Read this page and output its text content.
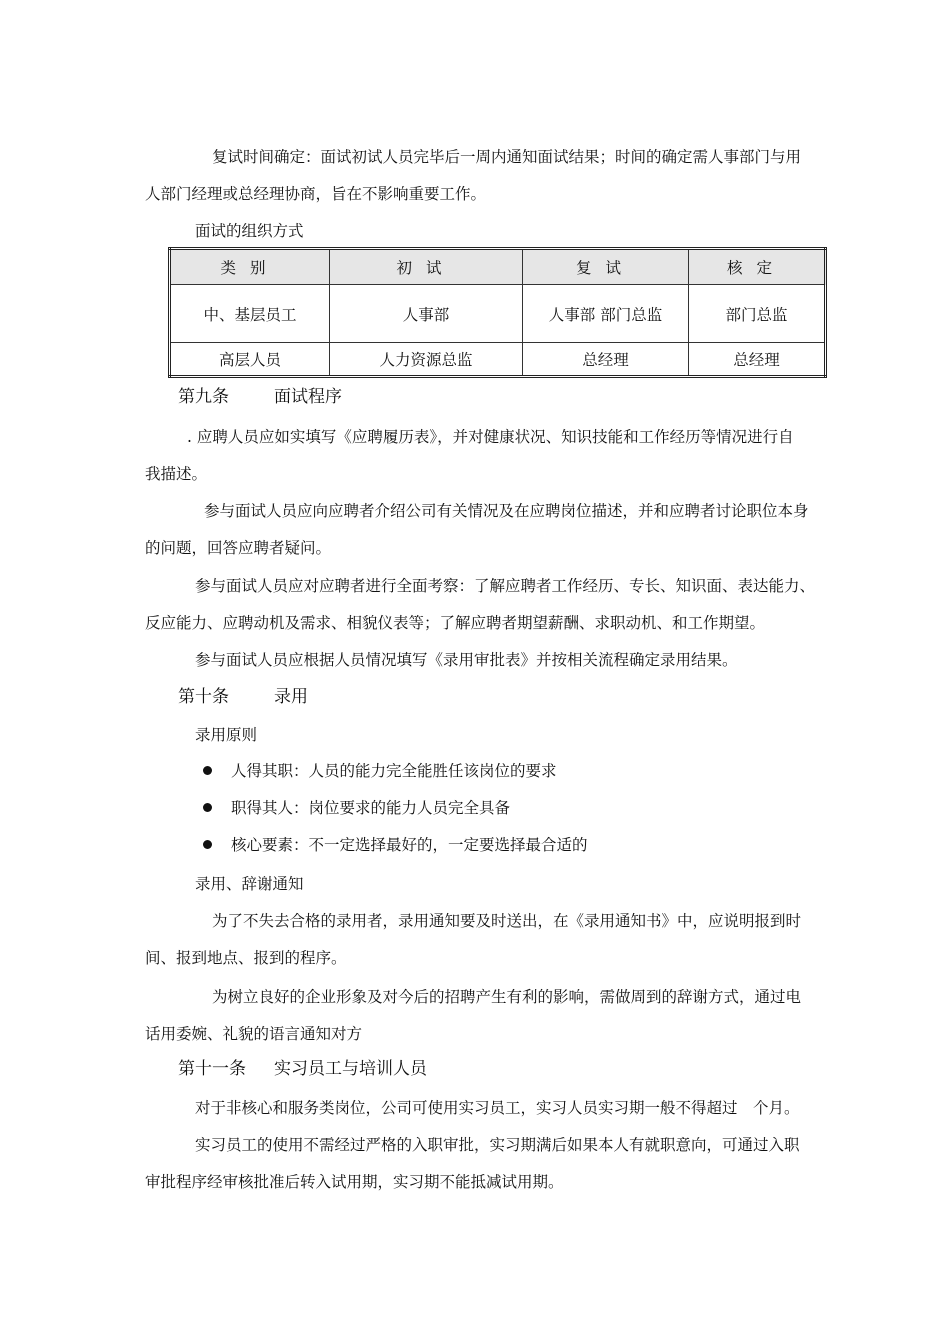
复试时间确定：面试初试人员完毕后一周内通知面试结果；时间的确定需人事部门与用
人部门经理或总经理协商，旨在不影响重要工作。
面试的组织方式
类别	初试	复试	核定
中、基层员工	人事部	人事部 部门总监	部门总监
高层人员	人力资源总监	总经理	总经理
第九条	面试程序
. 应聘人员应如实填写《应聘履历表》，并对健康状况、知识技能和工作经历等情况进行自
我描述。
参与面试人员应向应聘者介绍公司有关情况及在应聘岗位描述，并和应聘者讨论职位本身
的问题，回答应聘者疑问。
参与面试人员应对应聘者进行全面考察：了解应聘者工作经历、专长、知识面、表达能力、
反应能力、应聘动机及需求、相貌仪表等；了解应聘者期望薪酬、求职动机、和工作期望。
参与面试人员应根据人员情况填写《录用审批表》并按相关流程确定录用结果。
第十条	录用
录用原则
人得其职：人员的能力完全能胜任该岗位的要求
职得其人：岗位要求的能力人员完全具备
核心要素：不一定选择最好的，一定要选择最合适的
录用、辞谢通知
为了不失去合格的录用者，录用通知要及时送出，在《录用通知书》中，应说明报到时
间、报到地点、报到的程序。
为树立良好的企业形象及对今后的招聘产生有利的影响，需做周到的辞谢方式，通过电
话用委婉、礼貌的语言通知对方
第十一条 实习员工与培训人员
对于非核心和服务类岗位，公司可使用实习员工，实习人员实习期一般不得超过　个月。
实习员工的使用不需经过严格的入职审批，实习期满后如果本人有就职意向，可通过入职
审批程序经审核批准后转入试用期，实习期不能抵减试用期。
